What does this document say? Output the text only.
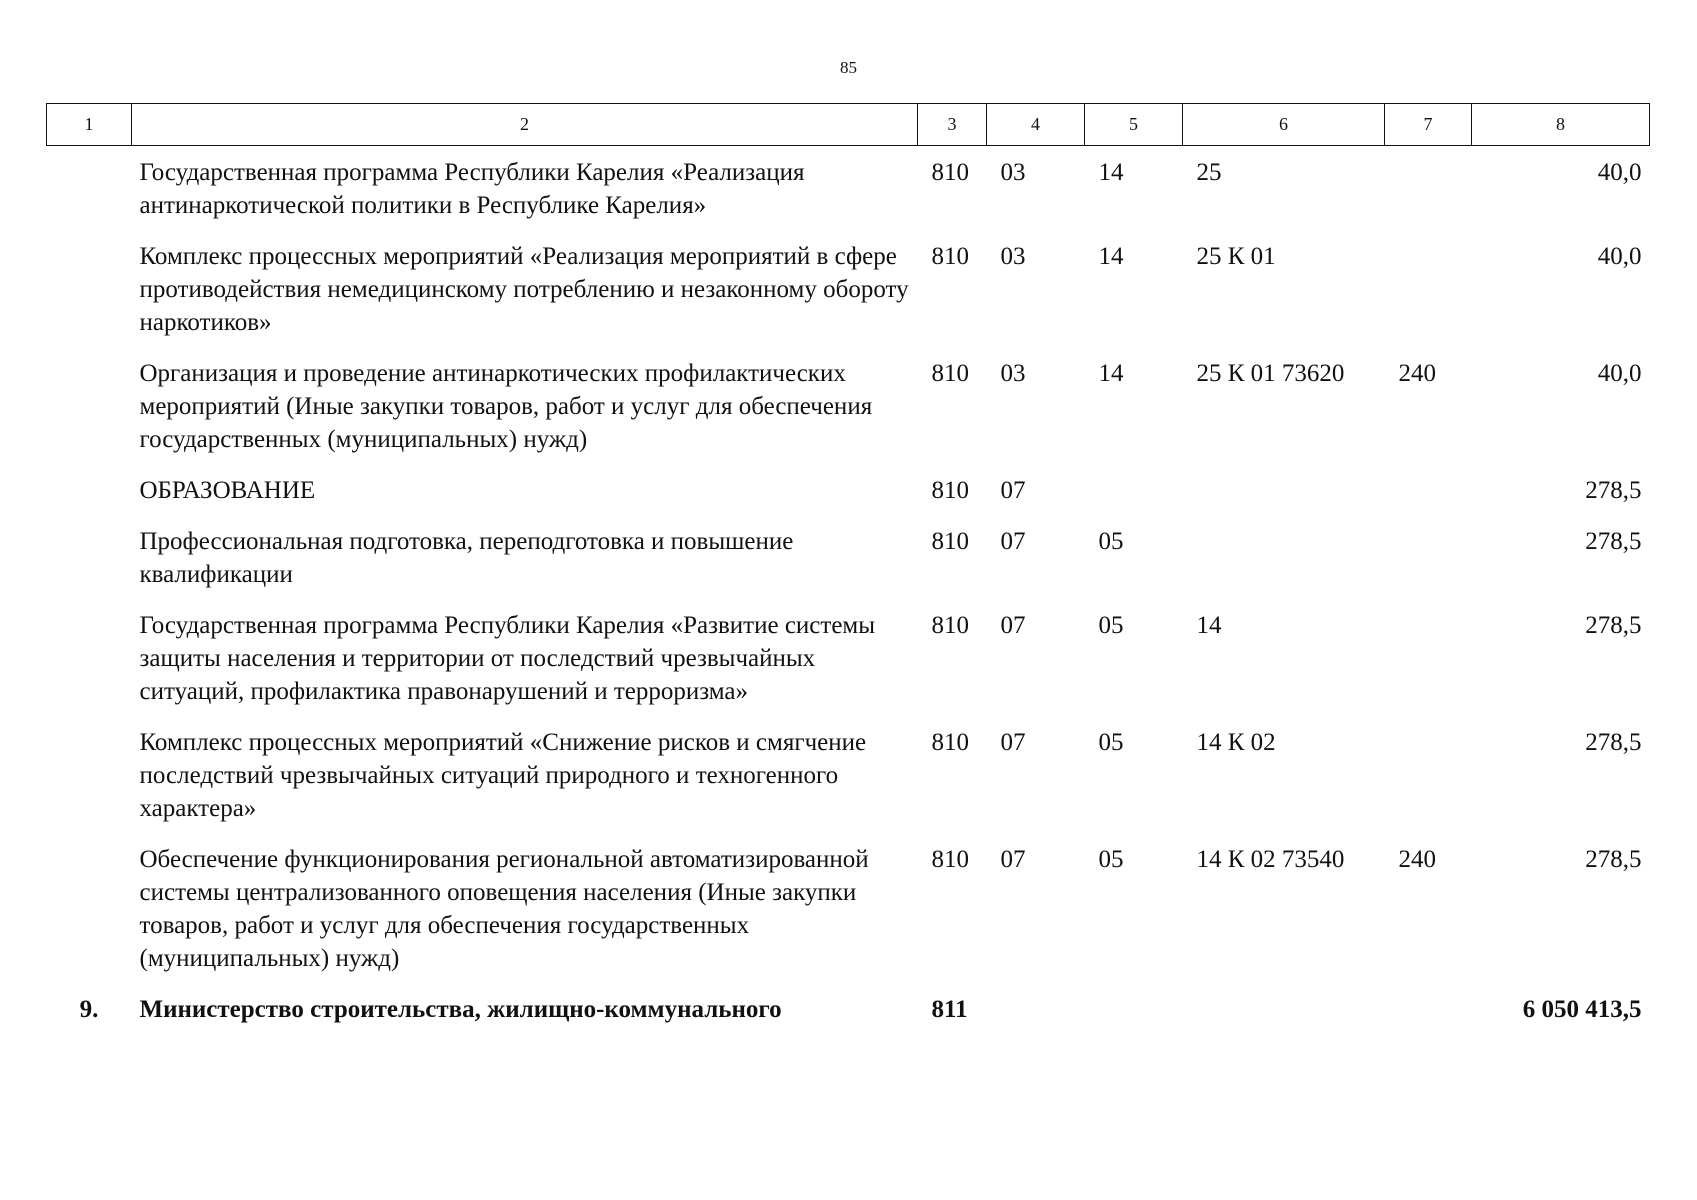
85
1	2	3	4	5	6	7	8
	Государственная программа Республики Карелия «Реализация антинаркотической политики в Республике Карелия»	810	03	14	25		40,0
	Комплекс процессных мероприятий «Реализация мероприятий в сфере противодействия немедицинскому потреблению и незаконному обороту наркотиков»	810	03	14	25 К 01		40,0
	Организация и проведение антинаркотических профилактических мероприятий (Иные закупки товаров, работ и услуг для обеспечения государственных (муниципальных) нужд)	810	03	14	25 К 01 73620	240	40,0
	ОБРАЗОВАНИЕ	810	07				278,5
	Профессиональная подготовка, переподготовка и повышение квалификации	810	07	05			278,5
	Государственная программа Республики Карелия «Развитие системы защиты населения и территории от последствий чрезвычайных ситуаций, профилактика правонарушений и терроризма»	810	07	05	14		278,5
	Комплекс процессных мероприятий «Снижение рисков и смягчение последствий чрезвычайных ситуаций природного и техногенного характера»	810	07	05	14 К 02		278,5
	Обеспечение функционирования региональной автоматизированной системы централизованного оповещения населения (Иные закупки товаров, работ и услуг для обеспечения государственных (муниципальных) нужд)	810	07	05	14 К 02 73540	240	278,5
9.	Министерство строительства, жилищно-коммунального	811					6 050 413,5
